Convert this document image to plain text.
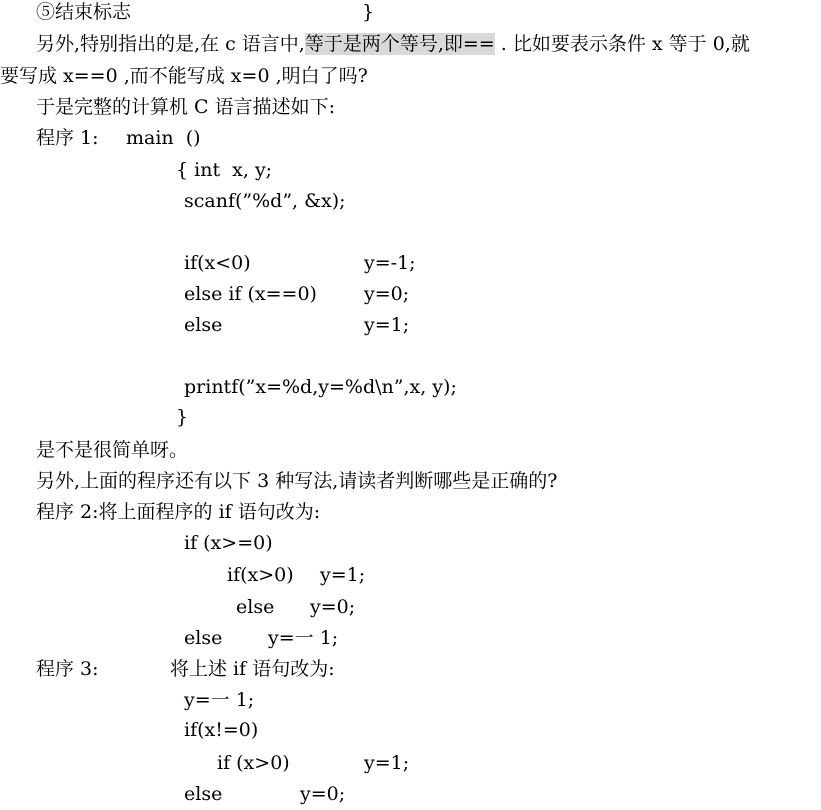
⑤结束标志	}
另外,特别指出的是,在 c 语言中,等于是两个等号,即== . 比如要表示条件 x 等于 0,就
要写成 x==0 ,而不能写成 x=0 ,明白了吗?
于是完整的计算机 C 语言描述如下:
程序 1: main  ()
{ int  x, y;
scanf(”%d”, &x);
if(x<0)	y=-1;
else if (x==0) y=0;
else	y=1;
printf(”x=%d,y=%d\n”,x, y);
}
是不是很简单呀。
另外,上面的程序还有以下 3 种写法,请读者判断哪些是正确的?
程序 2:将上面程序的 if 语句改为:
if (x>=0)
if(x>0) y=1;
else y=0;
else y=一 1;
程序 3:	将上述 if 语句改为:
y=一 1;
if(x!=0)
if (x>0)	y=1;
else	y=0;
